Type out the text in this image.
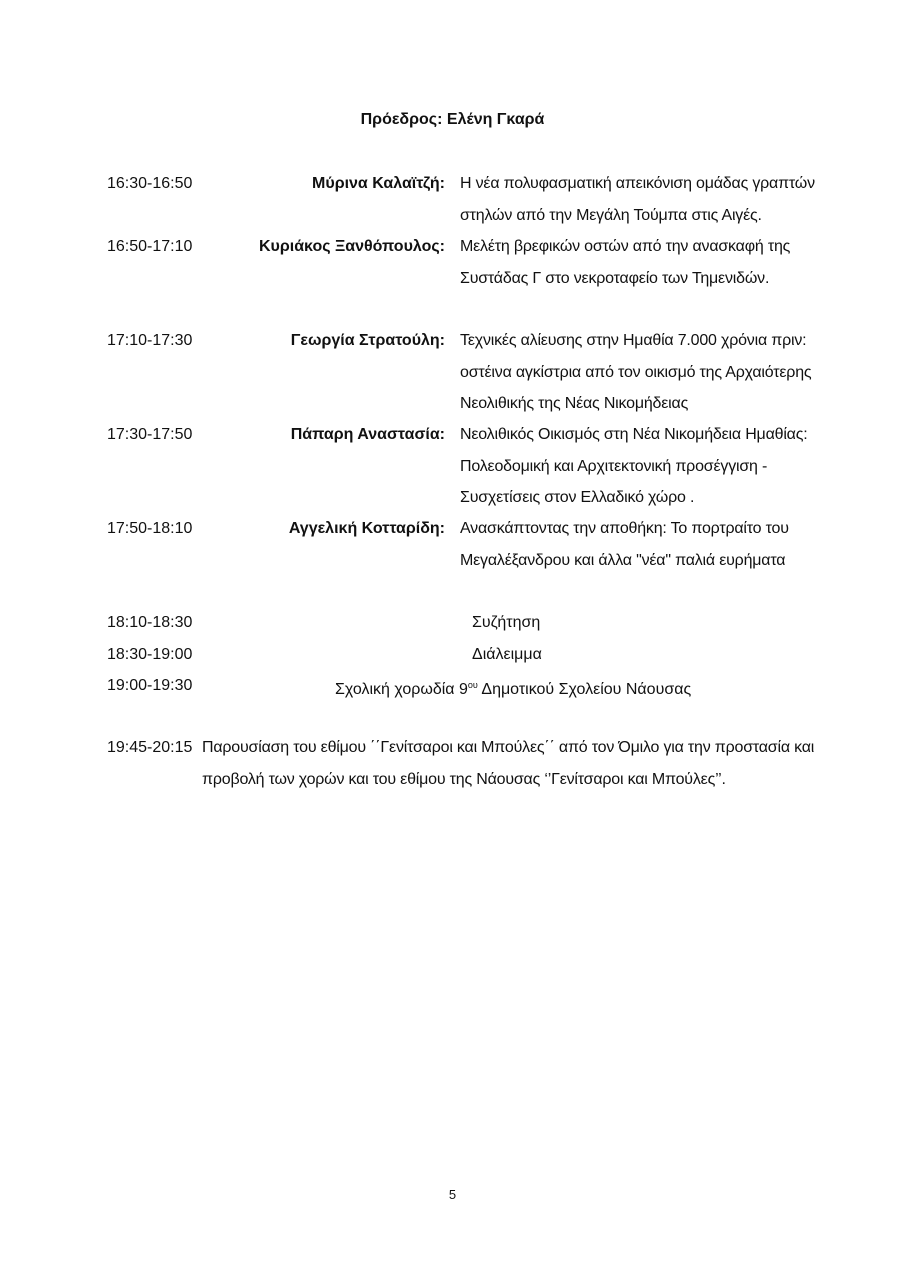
Πρόεδρος: Ελένη Γκαρά
16:30-16:50	Μύρινα Καλαϊτζή: Η νέα πολυφασματική απεικόνιση ομάδας γραπτών
στηλών από την Μεγάλη Τούμπα στις Αιγές.
16:50-17:10	Κυριάκος Ξανθόπουλος: Μελέτη βρεφικών οστών από την ανασκαφή της
Συστάδας Γ στο νεκροταφείο των Τημενιδών.
17:10-17:30	Γεωργία Στρατούλη: Τεχνικές αλίευσης στην Ημαθία 7.000 χρόνια πριν:
οστέινα αγκίστρια από τον οικισμό της Αρχαιότερης
Νεολιθικής της Νέας Νικομήδειας
17:30-17:50	Πάπαρη Αναστασία: Νεολιθικός Οικισμός στη Νέα Νικομήδεια Ημαθίας:
Πολεοδομική και Αρχιτεκτονική προσέγγιση -
Συσχετίσεις στον Ελλαδικό χώρο .
17:50-18:10	Αγγελική Κοτταρίδη: Ανασκάπτοντας την αποθήκη: Το πορτραίτο του
Μεγαλέξανδρου και άλλα "νέα" παλιά ευρήματα
18:10-18:30	Συζήτηση
18:30-19:00	Διάλειμμα
19:00-19:30	Σχολική χορωδία $9^{o\upsilon}$ Δημοτικού Σχολείου Νάουσας
19:45-20:15 Παρουσίαση του εθίμου ΄΄Γενίτσαροι και Μπούλες΄΄ από τον Όμιλο για την προστασία και
προβολή των χορών και του εθίμου της Νάουσας ‘’Γενίτσαροι και Μπούλες’’.
5
